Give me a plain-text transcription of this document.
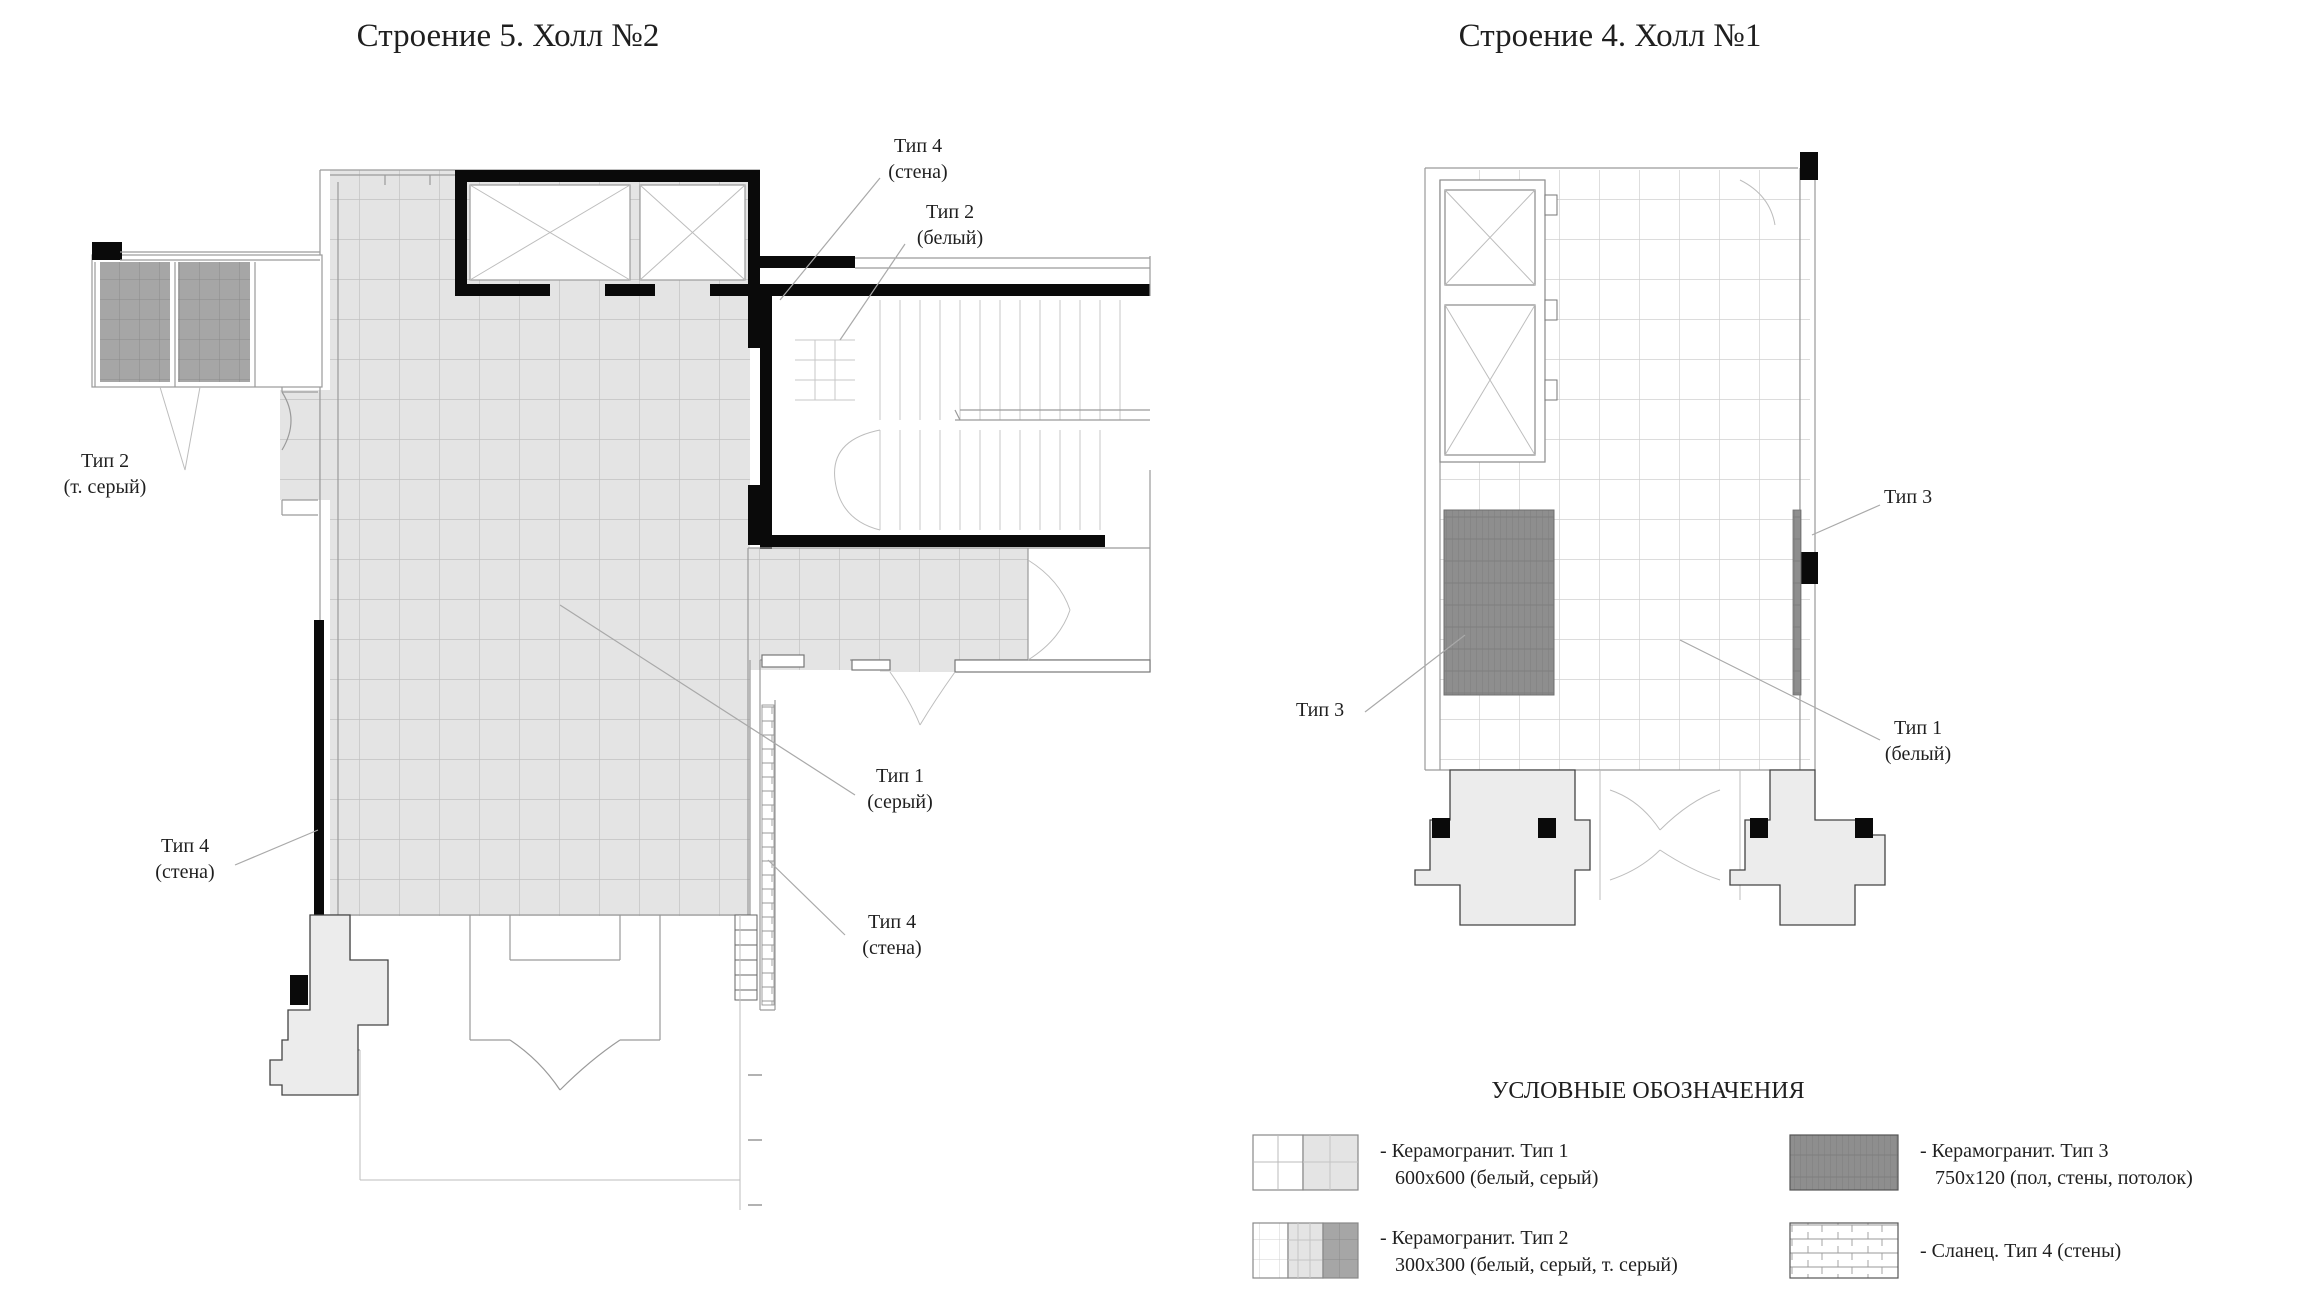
Строение 5. Холл №2	Строение 4. Холл №1
Тип 4
(стена)
Тип 2
(белый)
Тип 2
(т. серый)
Тип 1
(серый)
Тип 4
(стена)
Тип 4
(стена)
Тип 3
Тип 3
Тип 1
(белый)
УСЛОВНЫЕ ОБОЗНАЧЕНИЯ
- Керамогранит. Тип 1
600x600 (белый, серый)
- Керамогранит. Тип 2
300x300 (белый, серый, т. серый)
- Керамогранит. Тип 3
750x120 (пол, стены, потолок)
- Сланец. Тип 4 (стены)
